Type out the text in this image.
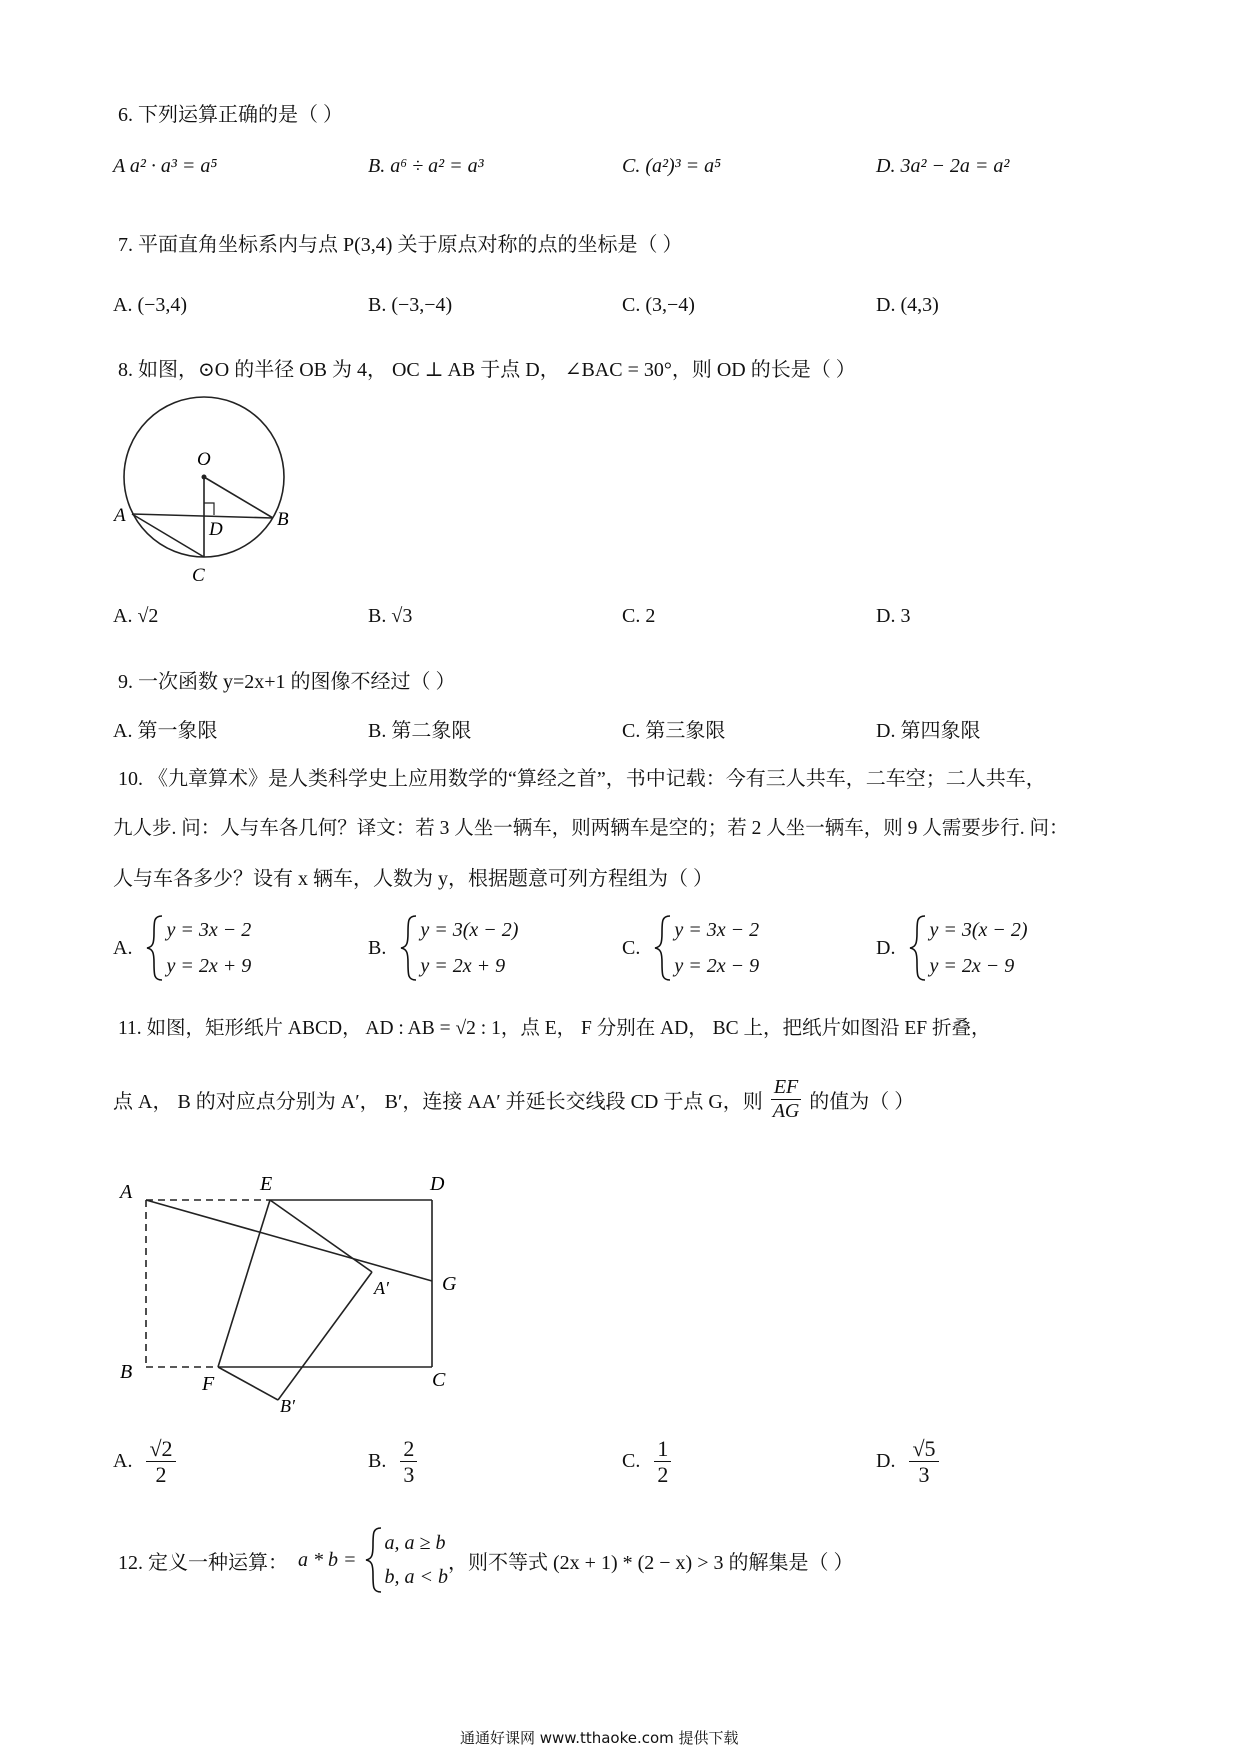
6. 下列运算正确的是（ ）
A a² · a³ = a⁵	B. a⁶ ÷ a² = a³	C. (a²)³ = a⁵	D. 3a² − 2a = a²
7. 平面直角坐标系内与点 P(3,4) 关于原点对称的点的坐标是（ ）
A. (−3,4)	B. (−3,−4)	C. (3,−4)	D. (4,3)
8. 如图，⊙O 的半径 OB 为 4， OC ⊥ AB 于点 D， ∠BAC = 30°，则 OD 的长是（ ）
O
A	B
C
D
A. √2	B. √3	C. 2	D. 3
9. 一次函数 y=2x+1 的图像不经过（ ）
A. 第一象限	B. 第二象限	C. 第三象限	D. 第四象限
10. 《九章算术》是人类科学史上应用数学的“算经之首”，书中记载：今有三人共车，二车空；二人共车，
九人步. 问：人与车各几何？译文：若 3 人坐一辆车，则两辆车是空的；若 2 人坐一辆车，则 9 人需要步行. 问：
人与车各多少？设有 x 辆车，人数为 y，根据题意可列方程组为（ ）
A.
y = 3x − 2
y = 2x + 9
B.
y = 3(x − 2)
y = 2x + 9
C.
y = 3x − 2
y = 2x − 9
D.
y = 3(x − 2)
y = 2x − 9
11. 如图，矩形纸片 ABCD， AD : AB = √2 : 1，点 E， F 分别在 AD， BC 上，把纸片如图沿 EF 折叠，
点 A， B 的对应点分别为 A′， B′，连接 AA′ 并延长交线段 CD 于点 G，则 $\frac{EF}{AG}$ 的值为（ ）
A	E	D
A′	G
B
F	C
B′
A. $\frac{√2}{2}$	B. $\frac{2}{3}$	C. $\frac{1}{2}$	D. $\frac{√5}{3}$
12. 定义一种运算： a * b =
a, a ≥ b
b, a < b
，则不等式 (2x + 1) * (2 − x) > 3 的解集是（ ）
通通好课网 www.tthaoke.com 提供下载
